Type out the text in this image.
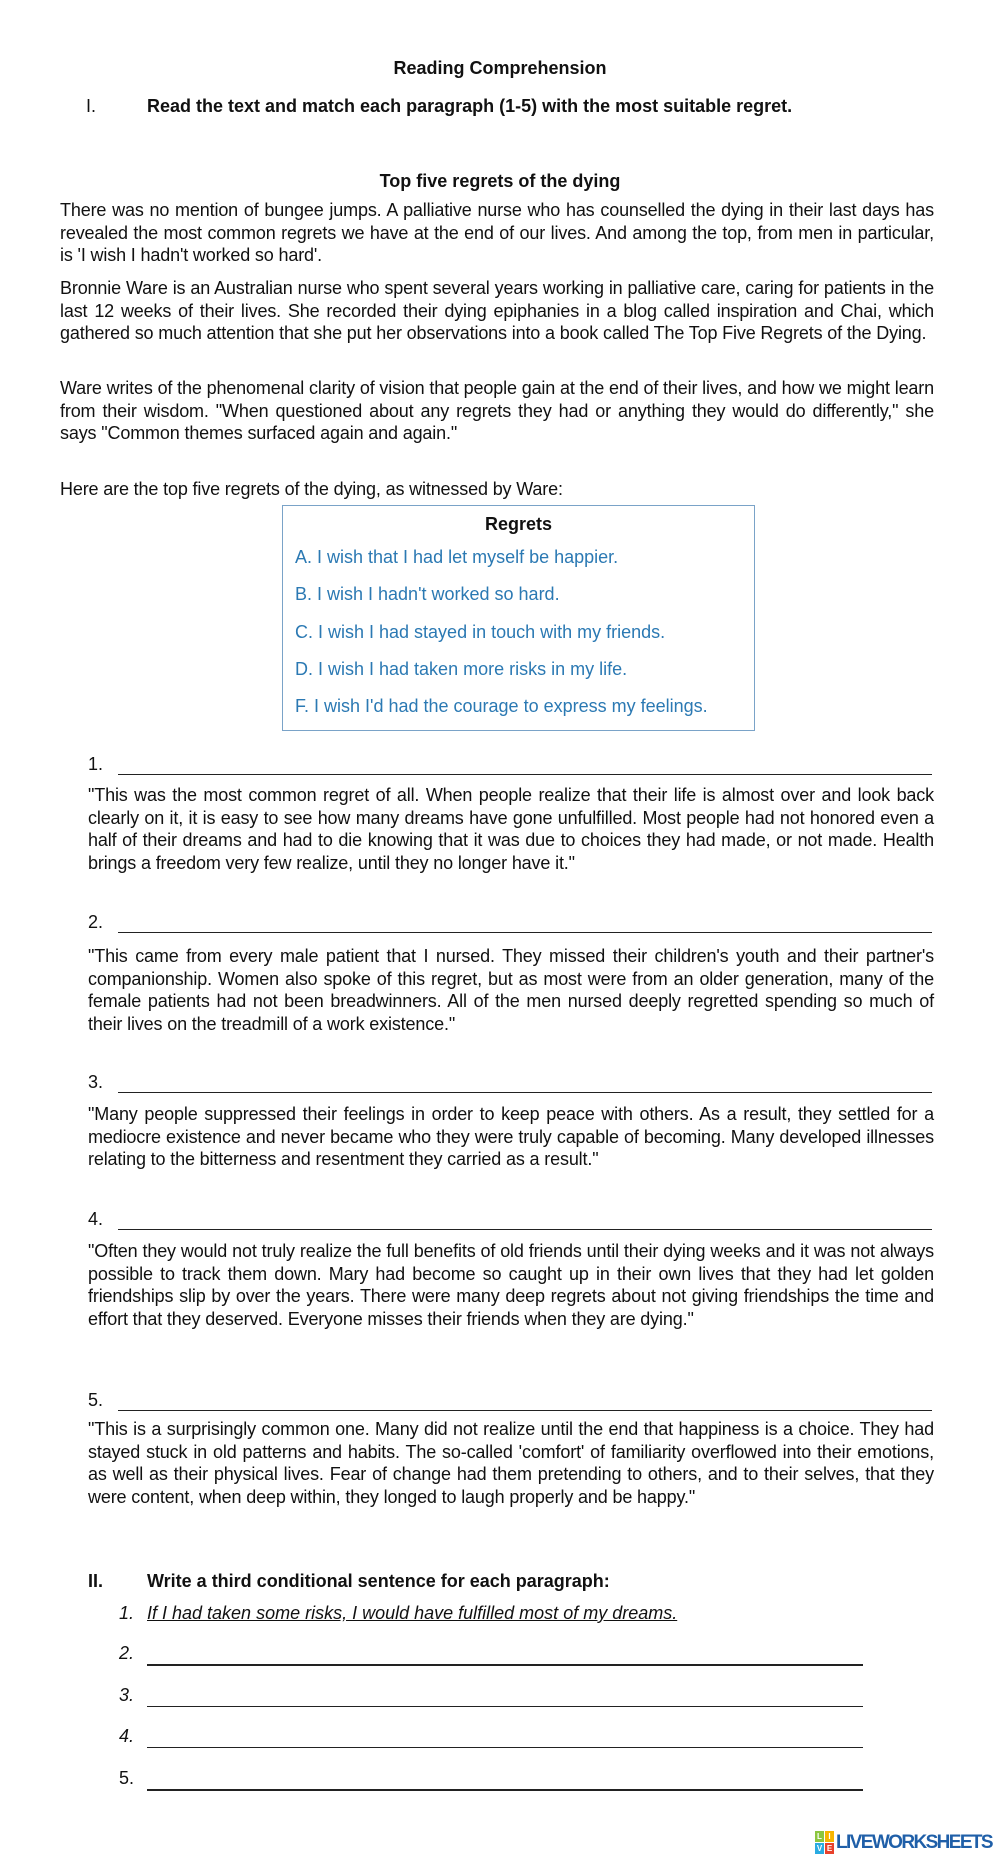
Reading Comprehension
I.	Read the text and match each paragraph (1-5) with the most suitable regret.
Top five regrets of the dying
There was no mention of bungee jumps. A palliative nurse who has counselled the dying in their last days has revealed the most common regrets we have at the end of our lives. And among the top, from men in particular, is 'I wish I hadn't worked so hard'.
Bronnie Ware is an Australian nurse who spent several years working in palliative care, caring for patients in the last 12 weeks of their lives. She recorded their dying epiphanies in a blog called inspiration and Chai, which gathered so much attention that she put her observations into a book called The Top Five Regrets of the Dying.
Ware writes of the phenomenal clarity of vision that people gain at the end of their lives, and how we might learn from their wisdom. "When questioned about any regrets they had or anything they would do differently," she says "Common themes surfaced again and again."
Here are the top five regrets of the dying, as witnessed by Ware:
Regrets
A. I wish that I had let myself be happier.
B. I wish I hadn't worked so hard.
C. I wish I had stayed in touch with my friends.
D. I wish I had taken more risks in my life.
F. I wish I'd had the courage to express my feelings.
1.
"This was the most common regret of all. When people realize that their life is almost over and look back clearly on it, it is easy to see how many dreams have gone unfulfilled. Most people had not honored even a half of their dreams and had to die knowing that it was due to choices they had made, or not made. Health brings a freedom very few realize, until they no longer have it."
2.
"This came from every male patient that I nursed. They missed their children's youth and their partner's companionship. Women also spoke of this regret, but as most were from an older generation, many of the female patients had not been breadwinners. All of the men nursed deeply regretted spending so much of their lives on the treadmill of a work existence."
3.
"Many people suppressed their feelings in order to keep peace with others. As a result, they settled for a mediocre existence and never became who they were truly capable of becoming. Many developed illnesses relating to the bitterness and resentment they carried as a result."
4.
"Often they would not truly realize the full benefits of old friends until their dying weeks and it was not always possible to track them down. Mary had become so caught up in their own lives that they had let golden friendships slip by over the years. There were many deep regrets about not giving friendships the time and effort that they deserved. Everyone misses their friends when they are dying."
5.
"This is a surprisingly common one. Many did not realize until the end that happiness is a choice. They had stayed stuck in old patterns and habits. The so-called 'comfort' of familiarity overflowed into their emotions, as well as their physical lives. Fear of change had them pretending to others, and to their selves, that they were content, when deep within, they longed to laugh properly and be happy."
II. Write a third conditional sentence for each paragraph:
1. If I had taken some risks, I would have fulfilled most of my dreams.
2.
3.
4.
5.
L I
V E LIVEWORKSHEETS
